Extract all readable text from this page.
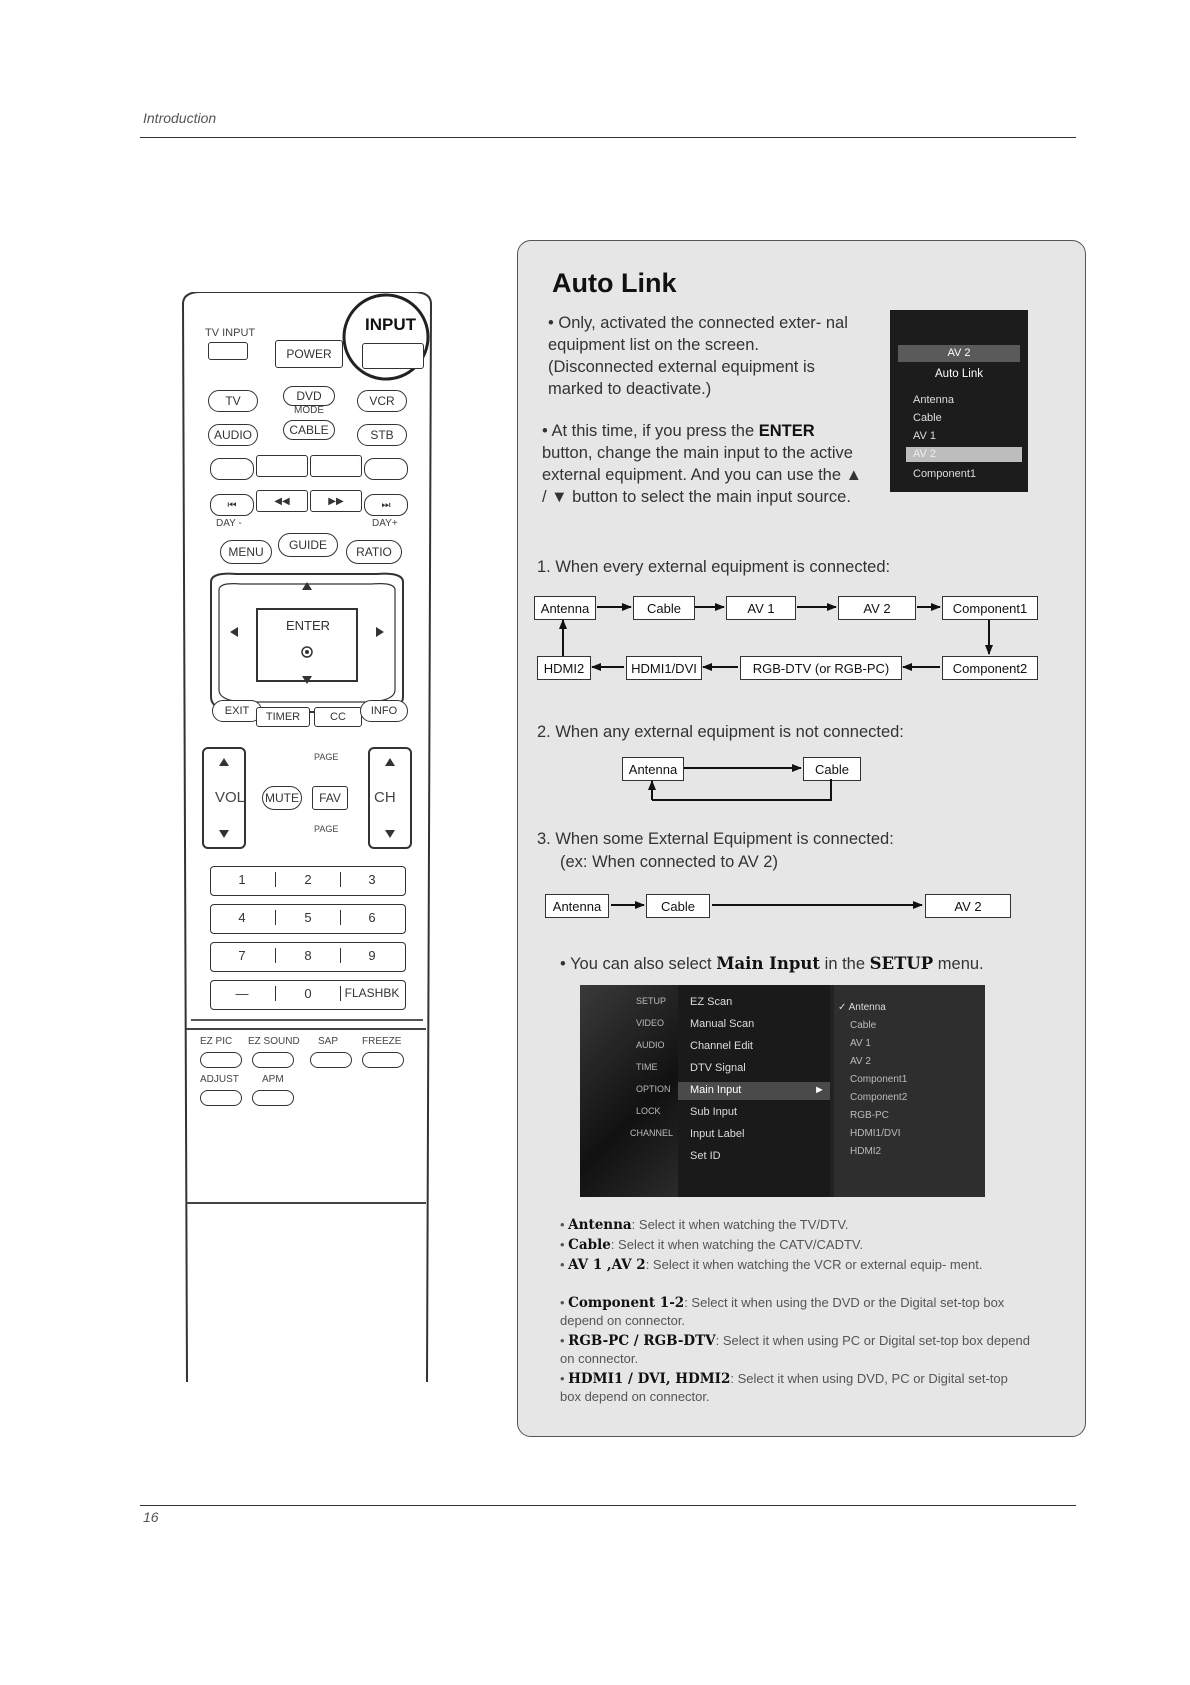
Introduction
16
TV INPUT
POWER
INPUT
TV	DVD	VCR
MODE
AUDIO	CABLE	STB
⏮	◀◀	▶▶	⏭
DAY -	DAY+
MENU	GUIDE	RATIO
ENTER
EXIT	TIMER	CC	INFO
VOL MUTE	FAV
PAGE
PAGE
CH
1	2	3
4	5	6
7	8	9
—	0	FLASHBK
EZ PIC EZ SOUND SAP FREEZE
ADJUST APM
Auto Link
• Only, activated the connected exter- nal equipment list on the screen. (Disconnected external equipment is marked to deactivate.)
• At this time, if you press the ENTER button, change the main input to the active external equipment. And you can use the ▲ / ▼ button to select the main input source.
AV 2
Auto Link
Antenna
Cable
AV 1
AV 2
Component1
1. When every external equipment is connected:
Antenna	Cable	AV 1	AV 2	Component1
HDMI2	HDMI1/DVI	RGB-DTV (or RGB-PC)	Component2
2. When any external equipment is not connected:
Antenna	Cable
3. When some External Equipment is connected:
(ex: When connected to AV 2)
Antenna	Cable	AV 2
• You can also select Main Input in the SETUP menu.
SETUP
VIDEO
AUDIO
TIME
OPTION
LOCK
CHANNEL
EZ Scan
Manual Scan
Channel Edit
DTV Signal
Main Input	►
Sub Input
Input Label
Set ID
✓ Antenna
Cable
AV 1
AV 2
Component1
Component2
RGB-PC
HDMI1/DVI
HDMI2
• Antenna: Select it when watching the TV/DTV.
• Cable: Select it when watching the CATV/CADTV.
• AV 1 ,AV 2: Select it when watching the VCR or external equip- ment.
• Component 1-2: Select it when using the DVD or the Digital set-top box depend on connector.
• RGB-PC / RGB-DTV: Select it when using PC or Digital set-top box depend on connector.
• HDMI1 / DVI, HDMI2: Select it when using DVD, PC or Digital set-top box depend on connector.
